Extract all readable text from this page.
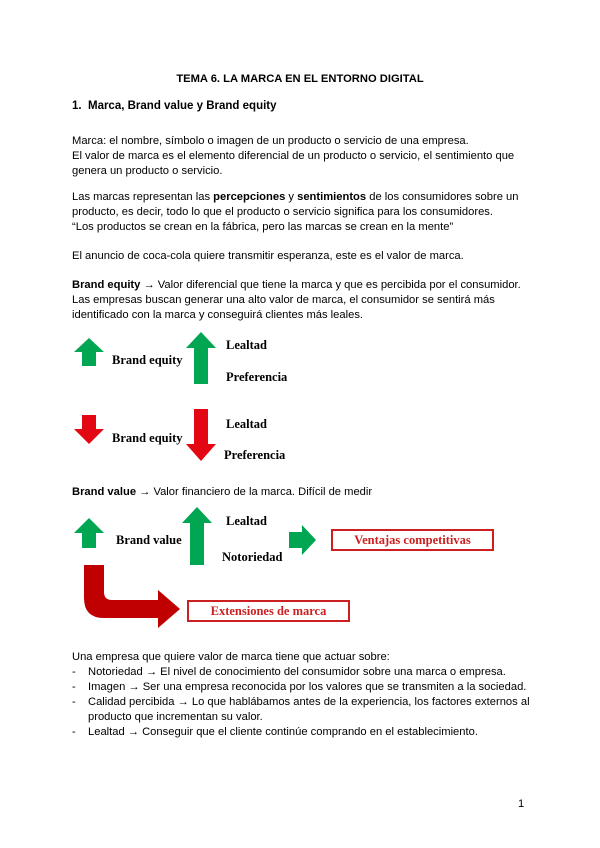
TEMA 6. LA MARCA EN EL ENTORNO DIGITAL
1. Marca, Brand value y Brand equity
Marca: el nombre, símbolo o imagen de un producto o servicio de una empresa.
El valor de marca es el elemento diferencial de un producto o servicio, el sentimiento que
genera un producto o servicio.
Las marcas representan las percepciones y sentimientos de los consumidores sobre un
producto, es decir, todo lo que el producto o servicio significa para los consumidores.
“Los productos se crean en la fábrica, pero las marcas se crean en la mente”
El anuncio de coca-cola quiere transmitir esperanza, este es el valor de marca.
Brand equity → Valor diferencial que tiene la marca y que es percibida por el consumidor.
Las empresas buscan generar una alto valor de marca, el consumidor se sentirá más
identificado con la marca y conseguirá clientes más leales.
Brand equity
Lealtad
Preferencia
Brand equity
Lealtad
Preferencia
Brand value → Valor financiero de la marca. Difícil de medir
Brand value
Lealtad
Notoriedad
Ventajas competitivas
Extensiones de marca
Una empresa que quiere valor de marca tiene que actuar sobre:
- Notoriedad → El nivel de conocimiento del consumidor sobre una marca o empresa.
- Imagen → Ser una empresa reconocida por los valores que se transmiten a la sociedad.
- Calidad percibida → Lo que hablábamos antes de la experiencia, los factores externos al
producto que incrementan su valor.
- Lealtad → Conseguir que el cliente continúe comprando en el establecimiento.
1
